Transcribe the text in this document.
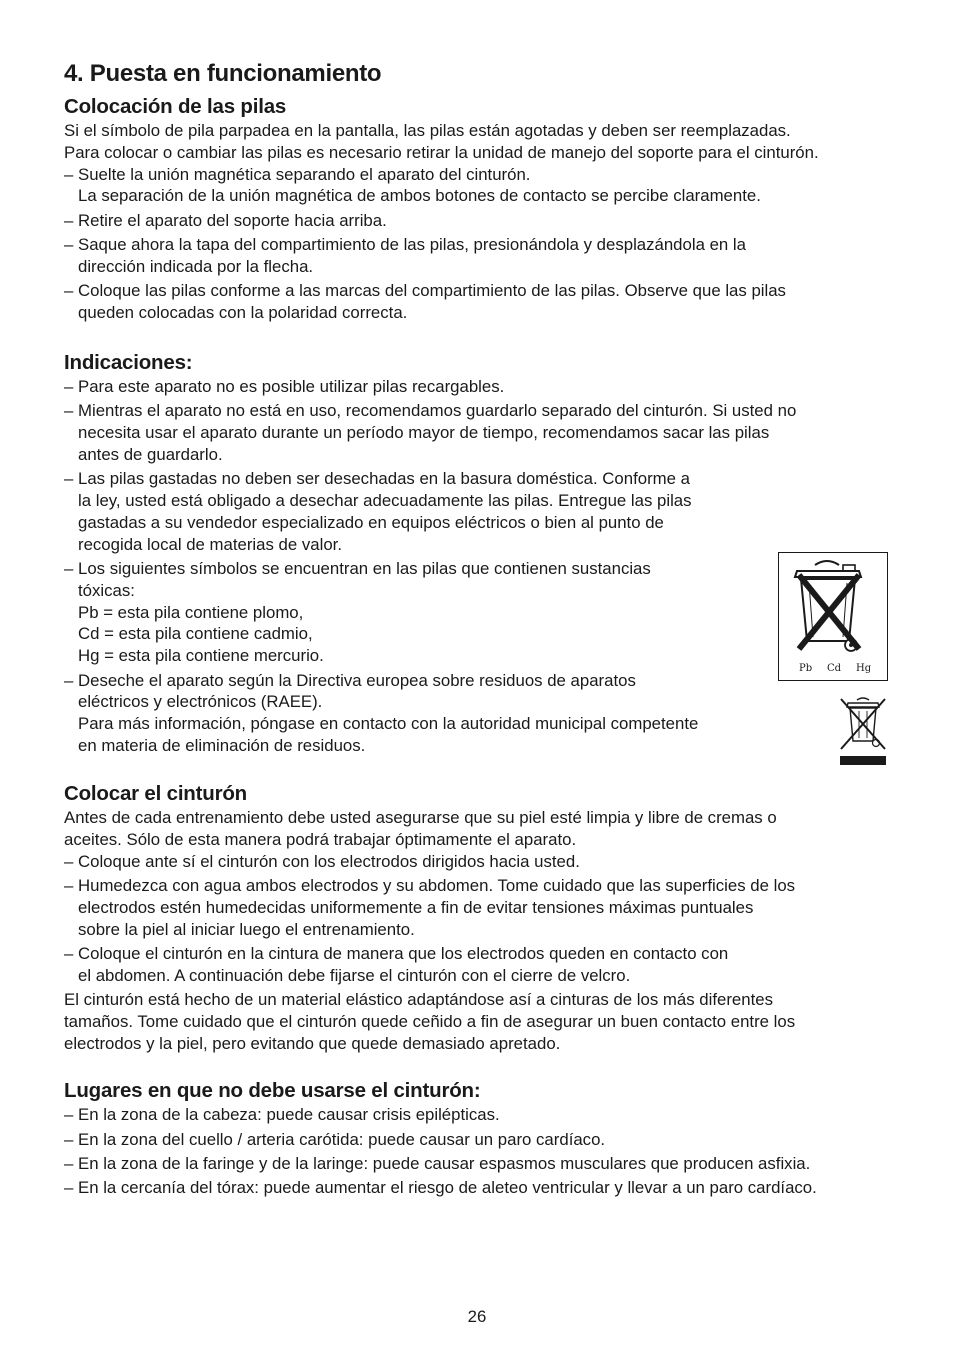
4. Puesta en funcionamiento
Colocación de las pilas

Si el símbolo de pila parpadea en la pantalla, las pilas están agotadas y deben ser reemplazadas.

Para colocar o cambiar las pilas es necesario retirar la unidad de manejo del soporte para el cinturón.

– Suelte la unión magnética separando el aparato del cinturón.
La separación de la unión magnética de ambos botones de contacto se percibe claramente.
– Retire el aparato del soporte hacia arriba.
– Saque ahora la tapa del compartimiento de las pilas, presionándola y desplazándola en la
dirección indicada por la flecha.
– Coloque las pilas conforme a las marcas del compartimiento de las pilas. Observe que las pilas
queden colocadas con la polaridad correcta.
Indicaciones:
– Para este aparato no es posible utilizar pilas recargables.
– Mientras el aparato no está en uso, recomendamos guardarlo separado del cinturón. Si usted no
necesita usar el aparato durante un período mayor de tiempo, recomendamos sacar las pilas
antes de guardarlo.
– Las pilas gastadas no deben ser desechadas en la basura doméstica. Conforme a
la ley, usted está obligado a desechar adecuadamente las pilas. Entregue las pilas
gastadas a su vendedor especializado en equipos eléctricos o bien al punto de
recogida local de materias de valor.
– Los siguientes símbolos se encuentran en las pilas que contienen sustancias
tóxicas:
Pb = esta pila contiene plomo,
Cd = esta pila contiene cadmio,
Hg = esta pila contiene mercurio.
– Deseche el aparato según la Directiva europea sobre residuos de aparatos
eléctricos y electrónicos (RAEE).
Para más información, póngase en contacto con la autoridad municipal competente
en materia de eliminación de residuos.
Colocar el cinturón

Antes de cada entrenamiento debe usted asegurarse que su piel esté limpia y libre de cremas o

aceites. Sólo de esta manera podrá trabajar óptimamente el aparato.

– Coloque ante sí el cinturón con los electrodos dirigidos hacia usted.
– Humedezca con agua ambos electrodos y su abdomen. Tome cuidado que las superficies de los
electrodos estén humedecidas uniformemente a fin de evitar tensiones máximas puntuales
sobre la piel al iniciar luego el entrenamiento.
– Coloque el cinturón en la cintura de manera que los electrodos queden en contacto con
el abdomen. A continuación debe fijarse el cinturón con el cierre de velcro.

El cinturón está hecho de un material elástico adaptándose así a cinturas de los más diferentes

tamaños. Tome cuidado que el cinturón quede ceñido a fin de asegurar un buen contacto entre los

electrodos y la piel, pero evitando que quede demasiado apretado.

Lugares en que no debe usarse el cinturón:
– En la zona de la cabeza: puede causar crisis epilépticas.
– En la zona del cuello / arteria carótida: puede causar un paro cardíaco.
– En la zona de la faringe y de la laringe: puede causar espasmos musculares que producen asfixia.
– En la cercanía del tórax: puede aumentar el riesgo de aleteo ventricular y llevar a un paro cardíaco.
Pb Cd Hg
26
